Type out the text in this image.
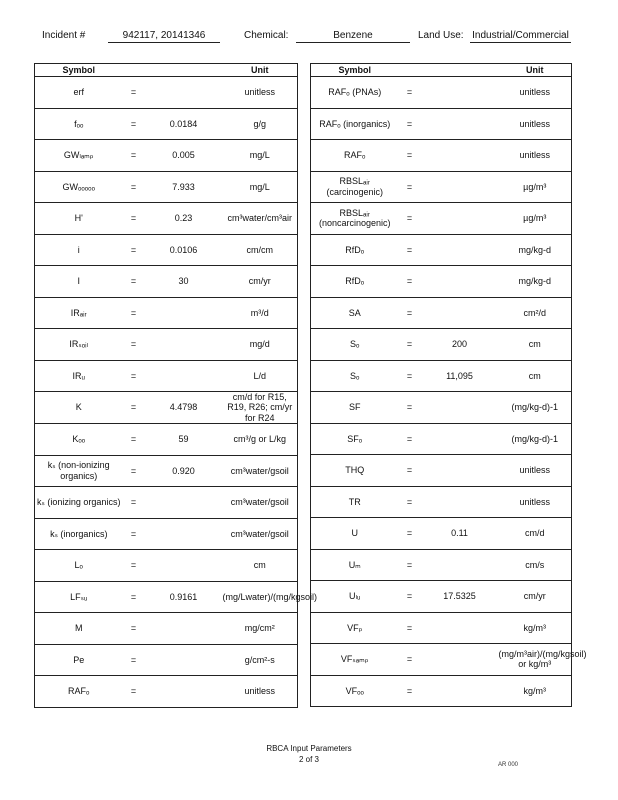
Incident #	942117, 20141346	Chemical:	Benzene	Land Use: Industrial/Commercial
Symbol			Unit
erf	=		unitless
fₒₒ	=	0.0184	g/g
GWₗₐₘₚ	=	0.005	mg/L
GWₒₒₒₒₒ	=	7.933	mg/L
H'	=	0.23	cm³water/cm³air
i	=	0.0106	cm/cm
I	=	30	cm/yr
IRₐᵢᵣ	=		m³/d
IRₛₒᵢₗ	=		mg/d
IRᵤ	=		L/d
K	=	4.4798	cm/d for R15, R19, R26; cm/yr for R24
Kₒₒ	=	59	cm³/g or L/kg
kₛ (non-ionizing organics)	=	0.920	cm³water/gsoil
kₛ (ionizing organics)	=		cm³water/gsoil
kₛ (inorganics)	=		cm³water/gsoil
Lₒ	=		cm
LFₛᵤ	=	0.9161	(mg/Lwater)/(mg/kgsoil)
M	=		mg/cm²
Pe	=		g/cm²-s
RAFₒ	=		unitless
Symbol			Unit
RAFₒ (PNAs)	=		unitless
RAFₒ (inorganics)	=		unitless
RAFₒ	=		unitless
RBSLₐᵢᵣ (carcinogenic)	=		µg/m³
RBSLₐᵢᵣ (noncarcinogenic)	=		µg/m³
RfDₒ	=		mg/kg-d
RfDₒ	=		mg/kg-d
SA	=		cm²/d
Sₒ	=	200	cm
Sₒ	=	11,095	cm
SF	=		(mg/kg-d)-1
SFₒ	=		(mg/kg-d)-1
THQ	=		unitless
TR	=		unitless
U	=	0.11	cm/d
Uₘ	=		cm/s
Uₗᵤ	=	17.5325	cm/yr
VFₚ	=		kg/m³
VFₛₐₘₚ	=		(mg/m³air)/(mg/kgsoil) or kg/m³
VFₒₒ	=		kg/m³
RBCA Input Parameters
2 of 3
AR 000
